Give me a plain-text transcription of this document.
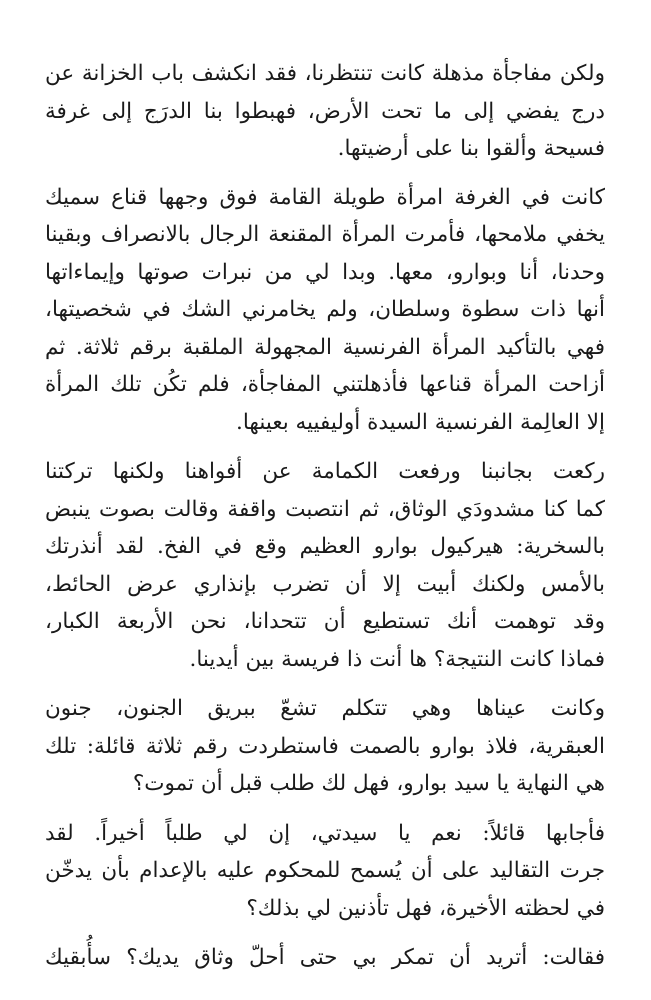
ولكن مفاجأة مذهلة كانت تنتظرنا، فقد انكشف باب الخزانة عن
درج يفضي إلى ما تحت الأرض، فهبطوا بنا الدرَج إلى غرفة
فسيحة وألقوا بنا على أرضيتها.
كانت في الغرفة امرأة طويلة القامة فوق وجهها قناع سميك
يخفي ملامحها، فأمرت المرأة المقنعة الرجال بالانصراف وبقينا
وحدنا، أنا وبوارو، معها. وبدا لي من نبرات صوتها وإيماءاتها
أنها ذات سطوة وسلطان، ولم يخامرني الشك في شخصيتها،
فهي بالتأكيد المرأة الفرنسية المجهولة الملقبة برقم ثلاثة. ثم
أزاحت المرأة قناعها فأذهلتني المفاجأة، فلم تكُن تلك المرأة
إلا العالِمة الفرنسية السيدة أوليفييه بعينها.
ركعت بجانبنا ورفعت الكمامة عن أفواهنا ولكنها تركتنا
كما كنا مشدودَي الوثاق، ثم انتصبت واقفة وقالت بصوت ينبض
بالسخرية: هيركيول بوارو العظيم وقع في الفخ. لقد أنذرتك
بالأمس ولكنك أبيت إلا أن تضرب بإنذاري عرض الحائط،
وقد توهمت أنك تستطيع أن تتحدانا، نحن الأربعة الكبار،
فماذا كانت النتيجة؟ ها أنت ذا فريسة بين أيدينا.
وكانت عيناها وهي تتكلم تشعّ ببريق الجنون، جنون
العبقرية، فلاذ بوارو بالصمت فاستطردت رقم ثلاثة قائلة: تلك
هي النهاية يا سيد بوارو، فهل لك طلب قبل أن تموت؟
فأجابها قائلاً: نعم يا سيدتي، إن لي طلباً أخيراً. لقد
جرت التقاليد على أن يُسمح للمحكوم عليه بالإعدام بأن يدخّن
في لحظته الأخيرة، فهل تأذنين لي بذلك؟
فقالت: أتريد أن تمكر بي حتى أحلّ وثاق يديك؟ سأُبقيك
